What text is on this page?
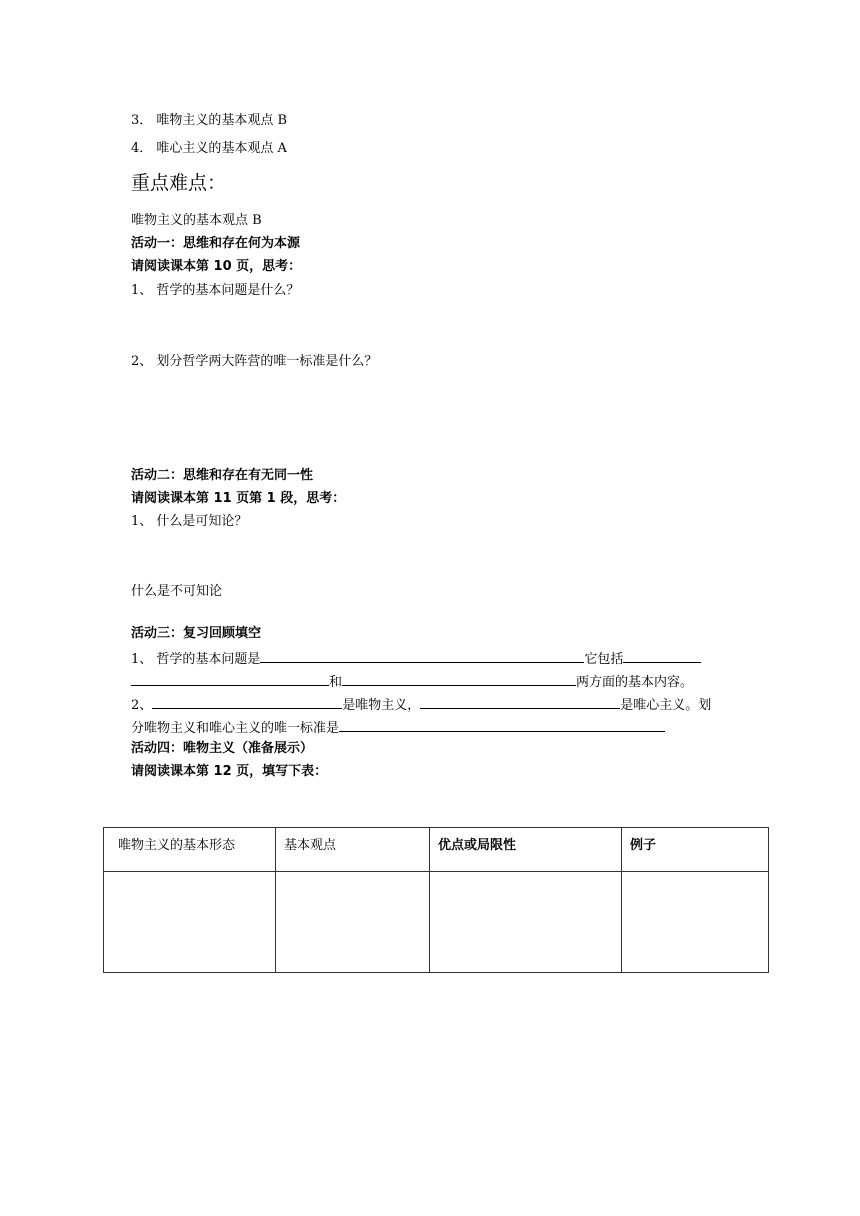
3． 唯物主义的基本观点 B
4． 唯心主义的基本观点 A
重点难点：
唯物主义的基本观点 B
活动一：思维和存在何为本源
请阅读课本第 10 页，思考：
1、 哲学的基本问题是什么？
2、 划分哲学两大阵营的唯一标准是什么？
活动二：思维和存在有无同一性
请阅读课本第 11 页第 1 段，思考：
1、 什么是可知论？
什么是不可知论
活动三：复习回顾填空
1、 哲学的基本问题是	它包括
和	两方面的基本内容。
2、	是唯物主义，	是唯心主义。划
分唯物主义和唯心主义的唯一标准是
活动四：唯物主义（准备展示）
请阅读课本第 12 页，填写下表：
唯物主义的基本形态	基本观点	优点或局限性	例子
